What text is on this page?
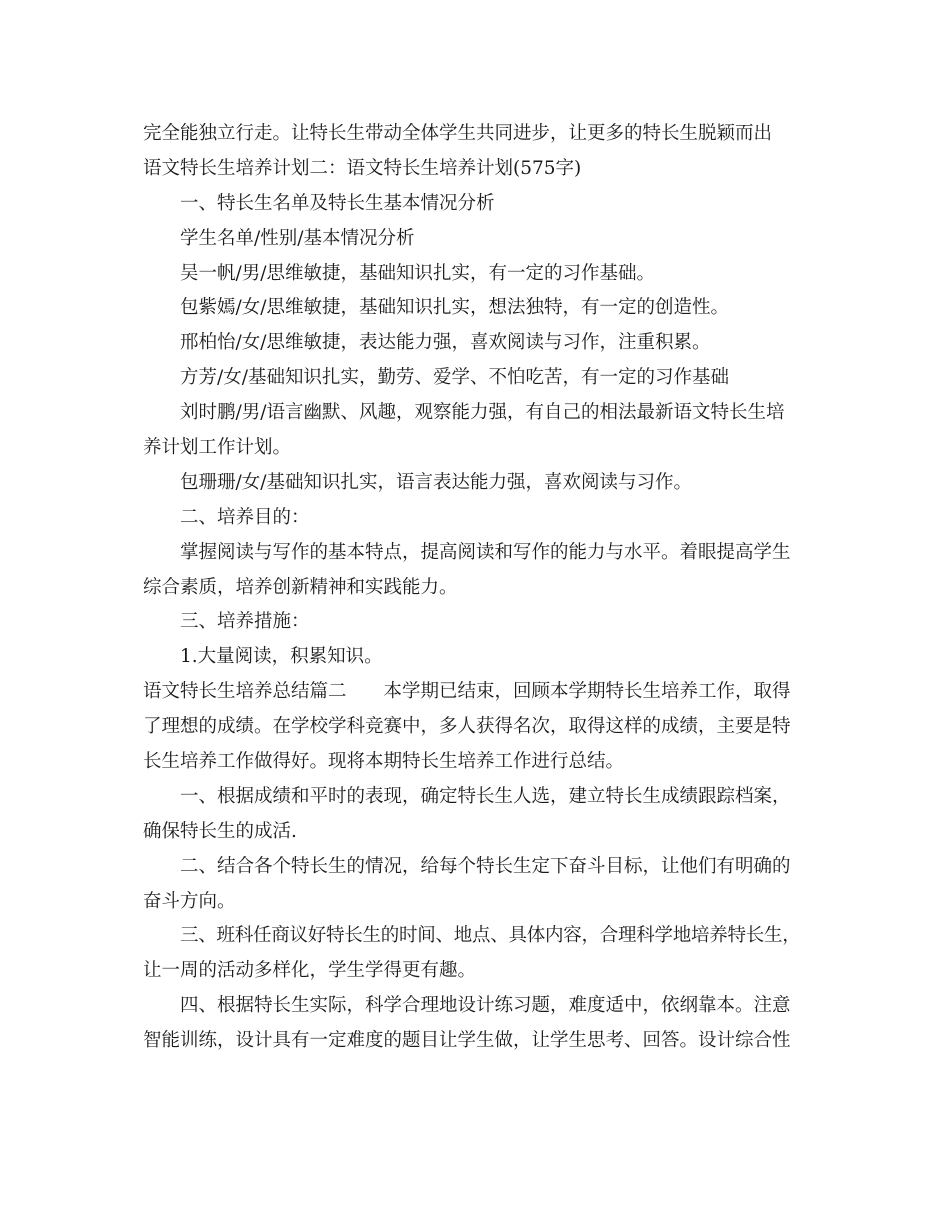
完全能独立行走。让特长生带动全体学生共同进步，让更多的特长生脱颖而出
语文特长生培养计划二：语文特长生培养计划(575字)
一、特长生名单及特长生基本情况分析
学生名单/性别/基本情况分析
吴一帆/男/思维敏捷，基础知识扎实，有一定的习作基础。
包紫嫣/女/思维敏捷，基础知识扎实，想法独特，有一定的创造性。
邢柏怡/女/思维敏捷，表达能力强，喜欢阅读与习作，注重积累。
方芳/女/基础知识扎实，勤劳、爱学、不怕吃苦，有一定的习作基础
刘时鹏/男/语言幽默、风趣，观察能力强，有自己的相法最新语文特长生培
养计划工作计划。
包珊珊/女/基础知识扎实，语言表达能力强，喜欢阅读与习作。
二、培养目的：
掌握阅读与写作的基本特点，提高阅读和写作的能力与水平。着眼提高学生
综合素质，培养创新精神和实践能力。
三、培养措施：
1.大量阅读，积累知识。
语文特长生培养总结篇二　　本学期已结束，回顾本学期特长生培养工作，取得
了理想的成绩。在学校学科竞赛中，多人获得名次，取得这样的成绩，主要是特
长生培养工作做得好。现将本期特长生培养工作进行总结。
一、根据成绩和平时的表现，确定特长生人选，建立特长生成绩跟踪档案，
确保特长生的成活.
二、结合各个特长生的情况，给每个特长生定下奋斗目标，让他们有明确的
奋斗方向。
三、班科任商议好特长生的时间、地点、具体内容，合理科学地培养特长生，
让一周的活动多样化，学生学得更有趣。
四、根据特长生实际，科学合理地设计练习题，难度适中，依纲靠本。注意
智能训练，设计具有一定难度的题目让学生做，让学生思考、回答。设计综合性
